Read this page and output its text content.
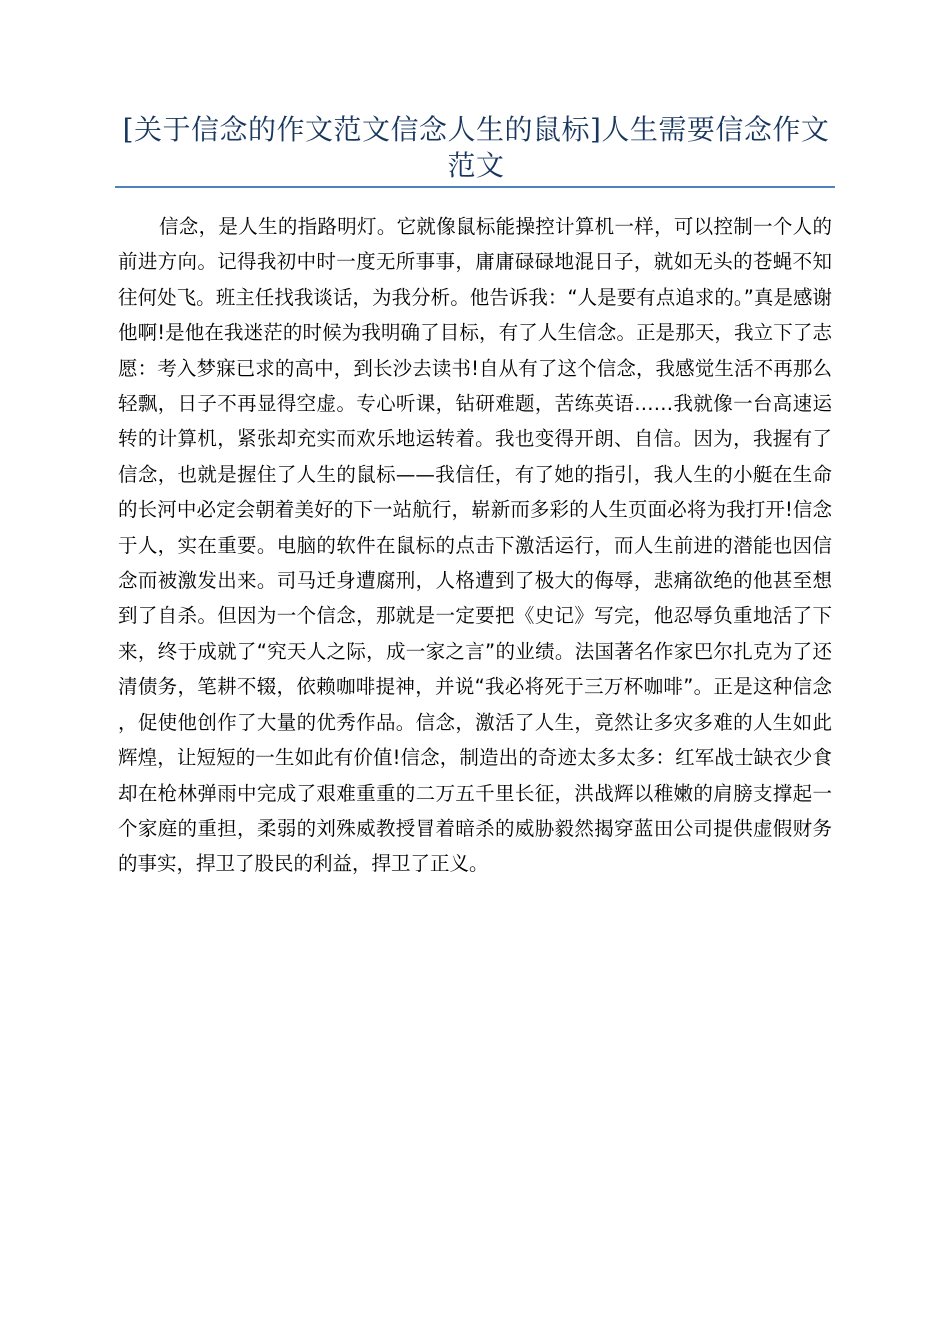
[关于信念的作文范文信念人生的鼠标]人生需要信念作文范文

信念，是人生的指路明灯。它就像鼠标能操控计算机一样，可以控制一个人的前进方向。记得我初中时一度无所事事，庸庸碌碌地混日子，就如无头的苍蝇不知往何处飞。班主任找我谈话，为我分析。他告诉我：“人是要有点追求的。”真是感谢他啊!是他在我迷茫的时候为我明确了目标，有了人生信念。正是那天，我立下了志愿：考入梦寐已求的高中，到长沙去读书!自从有了这个信念，我感觉生活不再那么轻飘，日子不再显得空虚。专心听课，钻研难题，苦练英语……我就像一台高速运转的计算机，紧张却充实而欢乐地运转着。我也变得开朗、自信。因为，我握有了信念，也就是握住了人生的鼠标——我信任，有了她的指引，我人生的小艇在生命的长河中必定会朝着美好的下一站航行，崭新而多彩的人生页面必将为我打开!信念于人，实在重要。电脑的软件在鼠标的点击下激活运行，而人生前进的潜能也因信念而被激发出来。司马迁身遭腐刑，人格遭到了极大的侮辱，悲痛欲绝的他甚至想到了自杀。但因为一个信念，那就是一定要把《史记》写完，他忍辱负重地活了下来，终于成就了“究天人之际，成一家之言”的业绩。法国著名作家巴尔扎克为了还清债务，笔耕不辍，依赖咖啡提神，并说“我必将死于三万杯咖啡”。正是这种信念，促使他创作了大量的优秀作品。信念，激活了人生，竟然让多灾多难的人生如此辉煌，让短短的一生如此有价值!信念，制造出的奇迹太多太多：红军战士缺衣少食却在枪林弹雨中完成了艰难重重的二万五千里长征，洪战辉以稚嫩的肩膀支撑起一个家庭的重担，柔弱的刘殊威教授冒着暗杀的威胁毅然揭穿蓝田公司提供虚假财务的事实，捍卫了股民的利益，捍卫了正义。
